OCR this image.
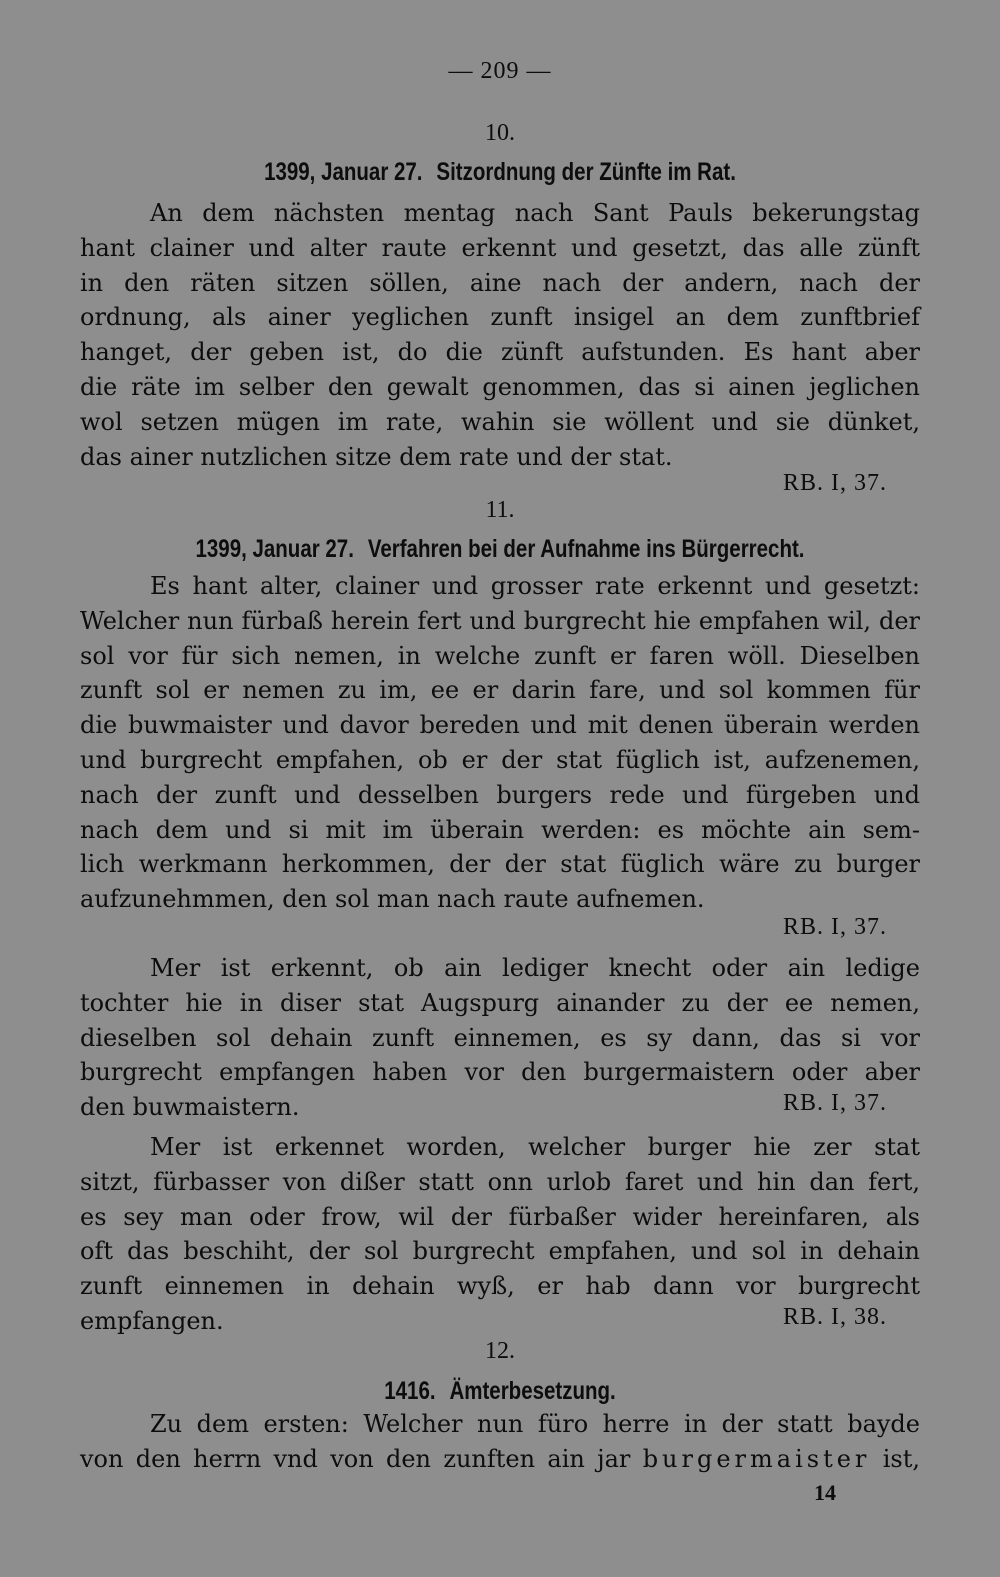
— 209 —
10.
1399, Januar 27. Sitzordnung der Zünfte im Rat.
An dem nächsten mentag nach Sant Pauls bekerungstag
hant clainer und alter raute erkennt und gesetzt, das alle zünft
in den räten sitzen söllen, aine nach der andern, nach der
ordnung, als ainer yeglichen zunft insigel an dem zunftbrief
hanget, der geben ist, do die zünft aufstunden. Es hant aber
die räte im selber den gewalt genommen, das si ainen jeglichen
wol setzen mügen im rate, wahin sie wöllent und sie dünket,
das ainer nutzlichen sitze dem rate und der stat.
RB. I, 37.
11.
1399, Januar 27. Verfahren bei der Aufnahme ins Bürgerrecht.
Es hant alter, clainer und grosser rate erkennt und gesetzt:
Welcher nun fürbaß herein fert und burgrecht hie empfahen wil, der
sol vor für sich nemen, in welche zunft er faren wöll. Dieselben
zunft sol er nemen zu im, ee er darin fare, und sol kommen für
die buwmaister und davor bereden und mit denen überain werden
und burgrecht empfahen, ob er der stat füglich ist, aufzenemen,
nach der zunft und desselben burgers rede und fürgeben und
nach dem und si mit im überain werden: es möchte ain sem-
lich werkmann herkommen, der der stat füglich wäre zu burger
aufzunehmmen, den sol man nach raute aufnemen.
RB. I, 37.
Mer ist erkennt, ob ain lediger knecht oder ain ledige
tochter hie in diser stat Augspurg ainander zu der ee nemen,
dieselben sol dehain zunft einnemen, es sy dann, das si vor
burgrecht empfangen haben vor den burgermaistern oder aber
den buwmaistern.	RB. I, 37.
Mer ist erkennet worden, welcher burger hie zer stat
sitzt, fürbasser von dißer statt onn urlob faret und hin dan fert,
es sey man oder frow, wil der fürbaßer wider hereinfaren, als
oft das beschiht, der sol burgrecht empfahen, und sol in dehain
zunft einnemen in dehain wyß, er hab dann vor burgrecht
empfangen.	RB. I, 38.
12.
1416. Ämterbesetzung.
Zu dem ersten: Welcher nun füro herre in der statt bayde
von den herrn vnd von den zunften ain jar burgermaister ist,
14
